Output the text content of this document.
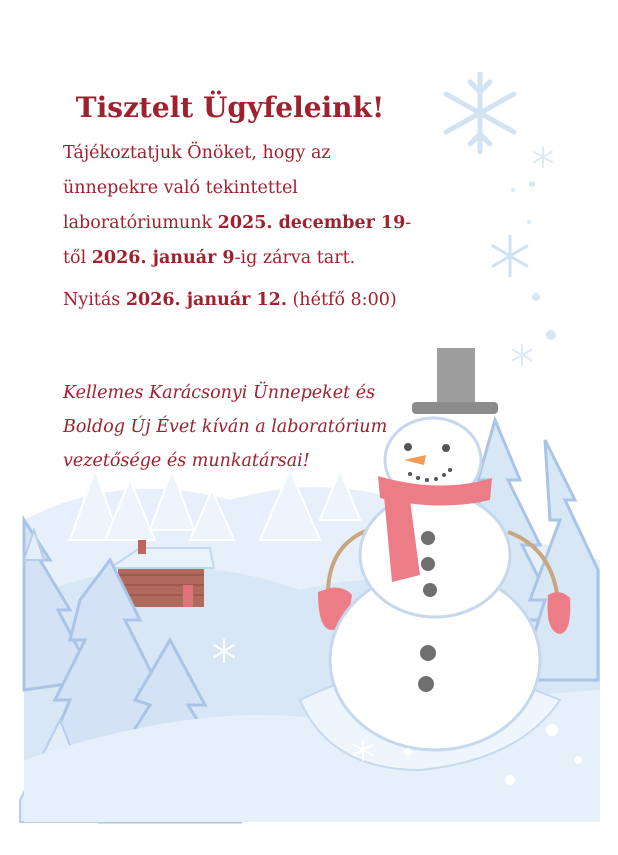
Tisztelt Ügyfeleink!

Tájékoztatjuk Önöket, hogy az ünnepekre való tekintettel laboratóriumunk 2025. december 19-től 2026. január 9-ig zárva tart.

Nyitás 2026. január 12. (hétfő 8:00)

Kellemes Karácsonyi Ünnepeket és Boldog Új Évet kíván a laboratórium vezetősége és munkatársai!
